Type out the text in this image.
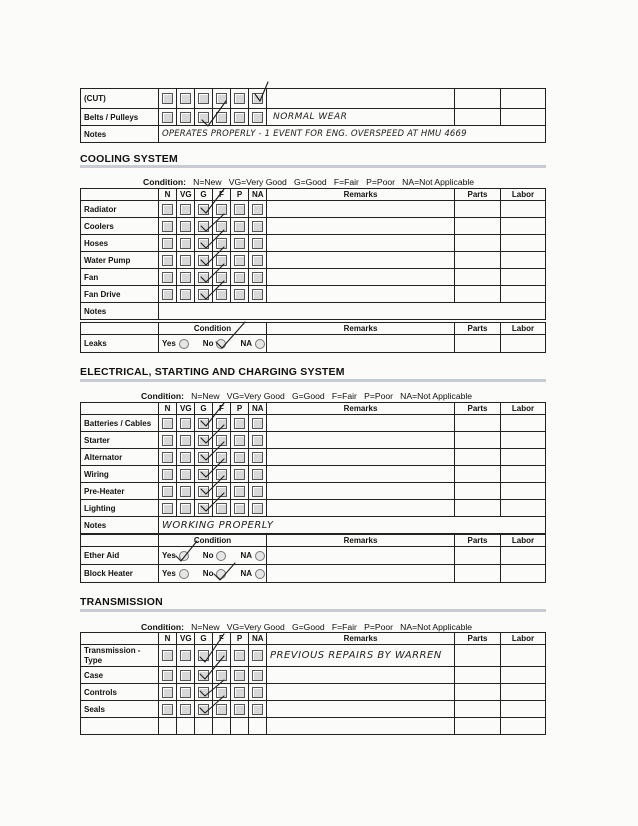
(CUT)									
Belts / Pulleys							NORMAL WEAR		
Notes	OPERATES PROPERLY - 1 EVENT FOR ENG. OVERSPEED AT HMU 4669								
COOLING SYSTEM
Condition: N=New VG=Very Good G=Good F=Fair P=Poor NA=Not Applicable
	N	VG	G	F	P	NA	Remarks	Parts	Labor
Radiator									
Coolers									
Hoses									
Water Pump									
Fan									
Fan Drive									
Notes									
	Condition	Remarks	Parts	Labor
Leaks	Yes No NA			
ELECTRICAL, STARTING AND CHARGING SYSTEM
Condition: N=New VG=Very Good G=Good F=Fair P=Poor NA=Not Applicable
	N	VG	G	F	P	NA	Remarks	Parts	Labor
Batteries / Cables									
Starter									
Alternator									
Wiring									
Pre-Heater									
Lighting									
Notes	WORKING PROPERLY								
	Condition	Remarks	Parts	Labor
Ether Aid	Yes No NA			
Block Heater	Yes No NA			
TRANSMISSION
Condition: N=New VG=Very Good G=Good F=Fair P=Poor NA=Not Applicable
	N	VG	G	F	P	NA	Remarks	Parts	Labor
Transmission - Type							PREVIOUS REPAIRS BY WARREN		
Case									
Controls									
Seals									
